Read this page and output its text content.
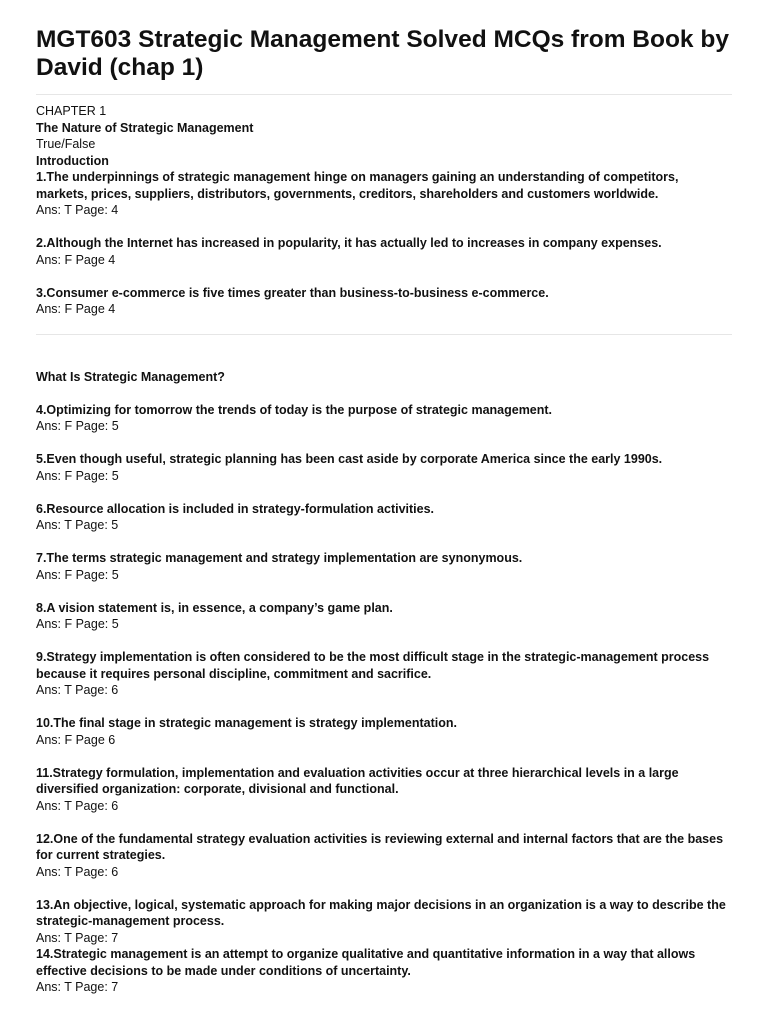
MGT603 Strategic Management Solved MCQs from Book by David (chap 1)
CHAPTER 1
The Nature of Strategic Management
True/False
Introduction
1.The underpinnings of strategic management hinge on managers gaining an understanding of competitors, markets, prices, suppliers, distributors, governments, creditors, shareholders and customers worldwide.
Ans: T Page: 4
2.Although the Internet has increased in popularity, it has actually led to increases in company expenses.
Ans: F Page 4
3.Consumer e-commerce is five times greater than business-to-business e-commerce.
Ans: F Page 4
What Is Strategic Management?
4.Optimizing for tomorrow the trends of today is the purpose of strategic management.
Ans: F Page: 5
5.Even though useful, strategic planning has been cast aside by corporate America since the early 1990s.
Ans: F Page: 5
6.Resource allocation is included in strategy-formulation activities.
Ans: T Page: 5
7.The terms strategic management and strategy implementation are synonymous.
Ans: F Page: 5
8.A vision statement is, in essence, a company’s game plan.
Ans: F Page: 5
9.Strategy implementation is often considered to be the most difficult stage in the strategic-management process because it requires personal discipline, commitment and sacrifice.
Ans: T Page: 6
10.The final stage in strategic management is strategy implementation.
Ans: F Page 6
11.Strategy formulation, implementation and evaluation activities occur at three hierarchical levels in a large diversified organization: corporate, divisional and functional.
Ans: T Page: 6
12.One of the fundamental strategy evaluation activities is reviewing external and internal factors that are the bases for current strategies.
Ans: T Page: 6
13.An objective, logical, systematic approach for making major decisions in an organization is a way to describe the strategic-management process.
Ans: T Page: 7
14.Strategic management is an attempt to organize qualitative and quantitative information in a way that allows effective decisions to be made under conditions of uncertainty.
Ans: T Page: 7
